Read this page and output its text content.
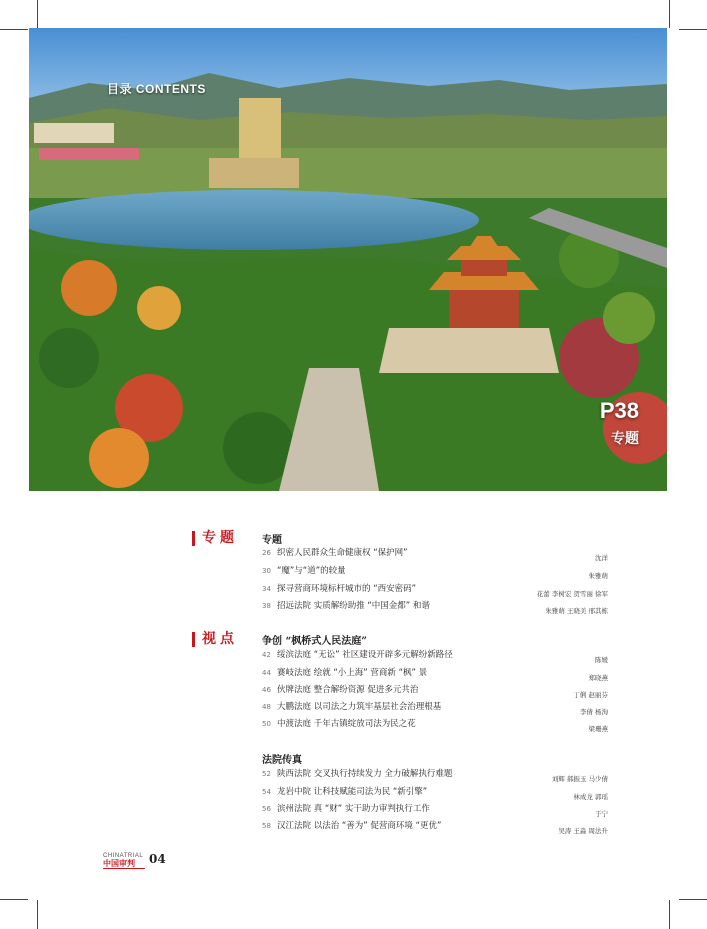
目录 CONTENTS
P38
专题
专题 专题
26 织密人民群众生命健康权 “保护网”	沈洋
30 “魔”与“道”的较量	朱雅萌
34 探寻营商环境标杆城市的 “西安密码”	花蕾 李树宏 贺雪丽 徐军
38 招远法院 实质解纷助推 “中国金都” 和谐	朱雅萌 王晓美 邢其栋
视点 争创 “枫桥式人民法庭”
42 绥滨法庭 “无讼” 社区建设开辟多元解纷新路径	陈媛
44 赛岐法庭 绘就 “小上海” 营商新 “枫” 景	郑晓燕
46 伙牌法庭 整合解纷资源 促进多元共治	丁俐 赵丽芬
48 大鹏法庭 以司法之力筑牢基层社会治理根基	李倩 杨洵
50 中渡法庭 千年古镇绽放司法为民之花	梁珊燕
法院传真
52 陕西法院 交叉执行持续发力 全力破解执行难题	刘辉 郝振玉 马少倩
54 龙岩中院 让科技赋能司法为民 “新引擎”	林成龙 郭瑶
56 滨州法院 真 “财” 实干助力审判执行工作	于宁
58 汉江法院 以法治 “善为” 促营商环境 “更优”	吴涛 王淼 周法升
CHINATRIAL
中国审判	04
